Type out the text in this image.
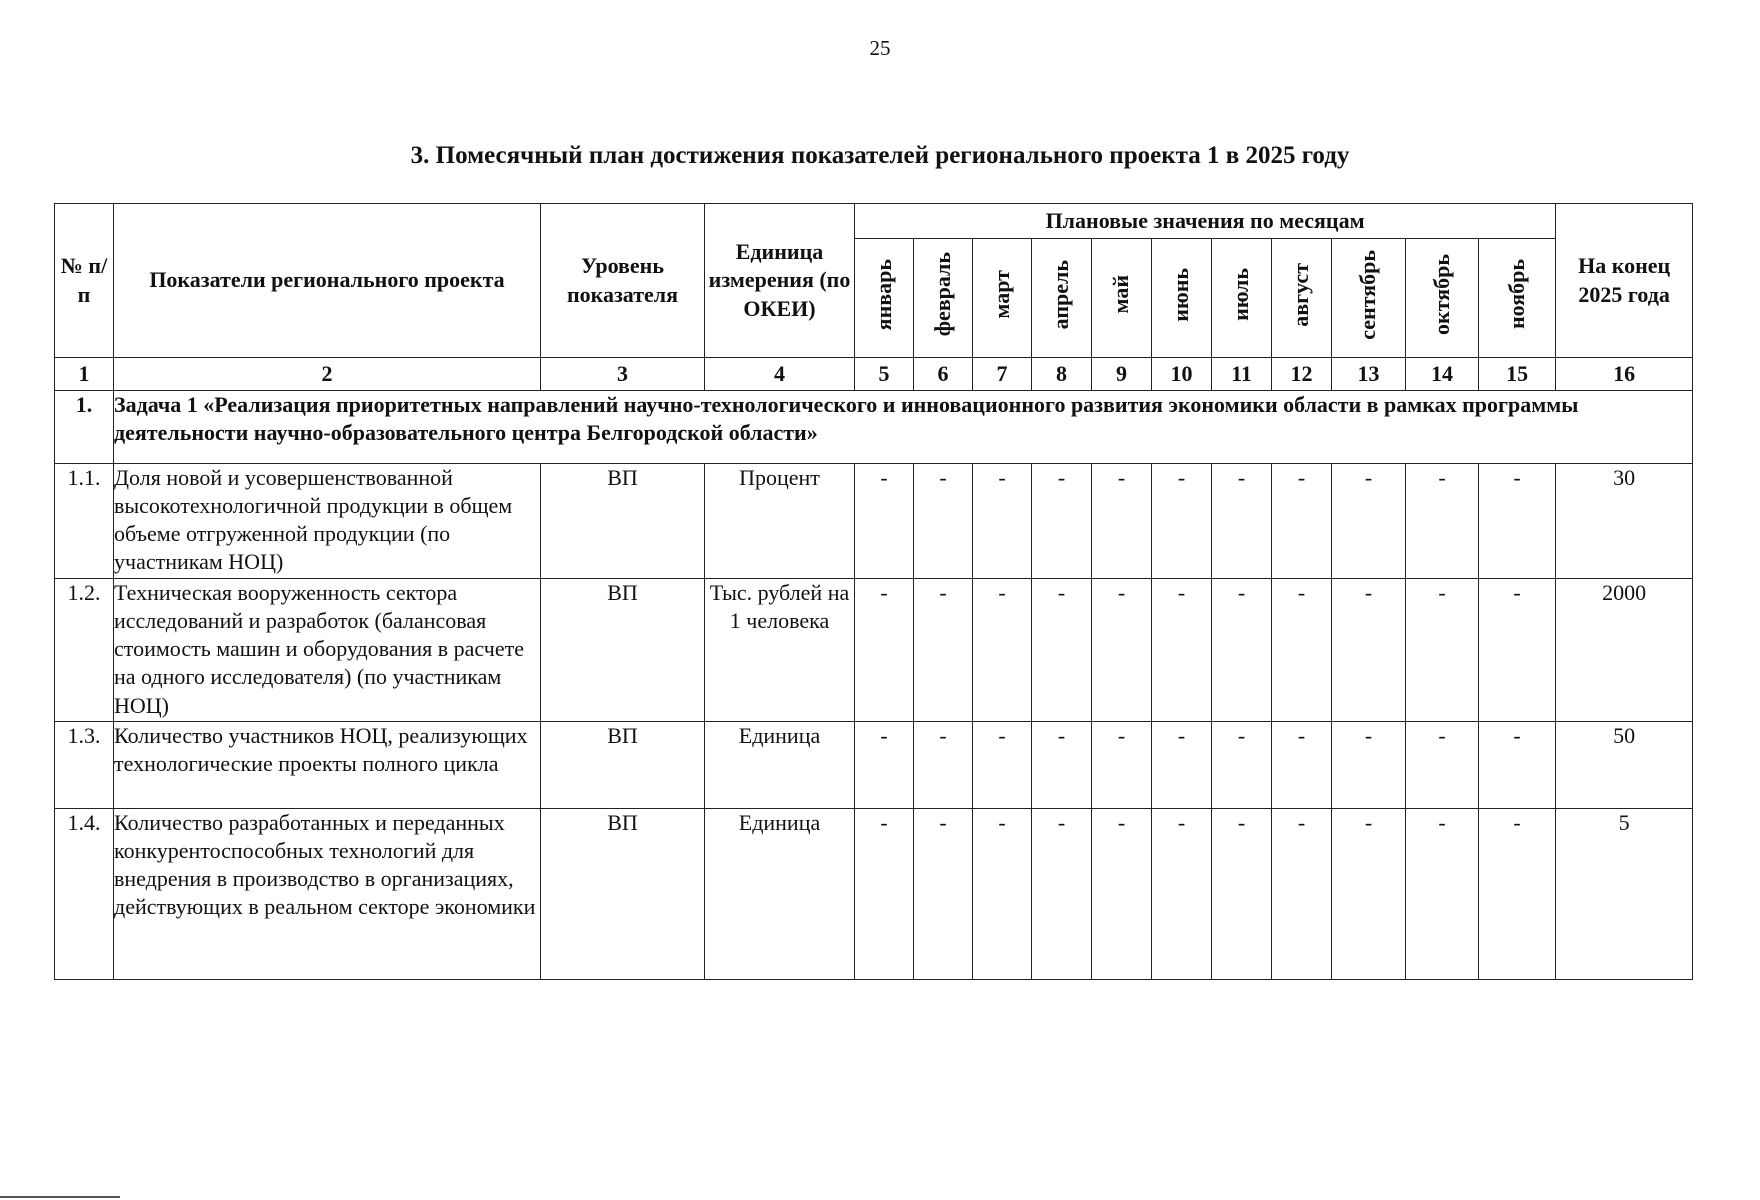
25
3. Помесячный план достижения показателей регионального проекта 1 в 2025 году
№ п/п	Показатели регионального проекта	Уровень показателя	Единица измерения (по ОКЕИ)	Плановые значения по месяцам											На конец 2025 года
				январь	февраль	март	апрель	май	июнь	июль	август	сентябрь	октябрь	ноябрь	
1	2	3	4	5	6	7	8	9	10	11	12	13	14	15	16
1.	Задача 1 «Реализация приоритетных направлений научно-технологического и инновационного развития экономики области в рамках программы деятельности научно-образовательного центра Белгородской области»														
1.1.	Доля новой и усовершенствованной высокотехнологичной продукции в общем объеме отгруженной продукции (по участникам НОЦ)	ВП	Процент	-	-	-	-	-	-	-	-	-	-	-	30
1.2.	Техническая вооруженность сектора исследований и разработок (балансовая стоимость машин и оборудования в расчете на одного исследователя) (по участникам НОЦ)	ВП	Тыс. рублей на 1 человека	-	-	-	-	-	-	-	-	-	-	-	2000
1.3.	Количество участников НОЦ, реализующих технологические проекты полного цикла	ВП	Единица	-	-	-	-	-	-	-	-	-	-	-	50
1.4.	Количество разработанных и переданных конкурентоспособных технологий для внедрения в производство в организациях, действующих в реальном секторе экономики	ВП	Единица	-	-	-	-	-	-	-	-	-	-	-	5
